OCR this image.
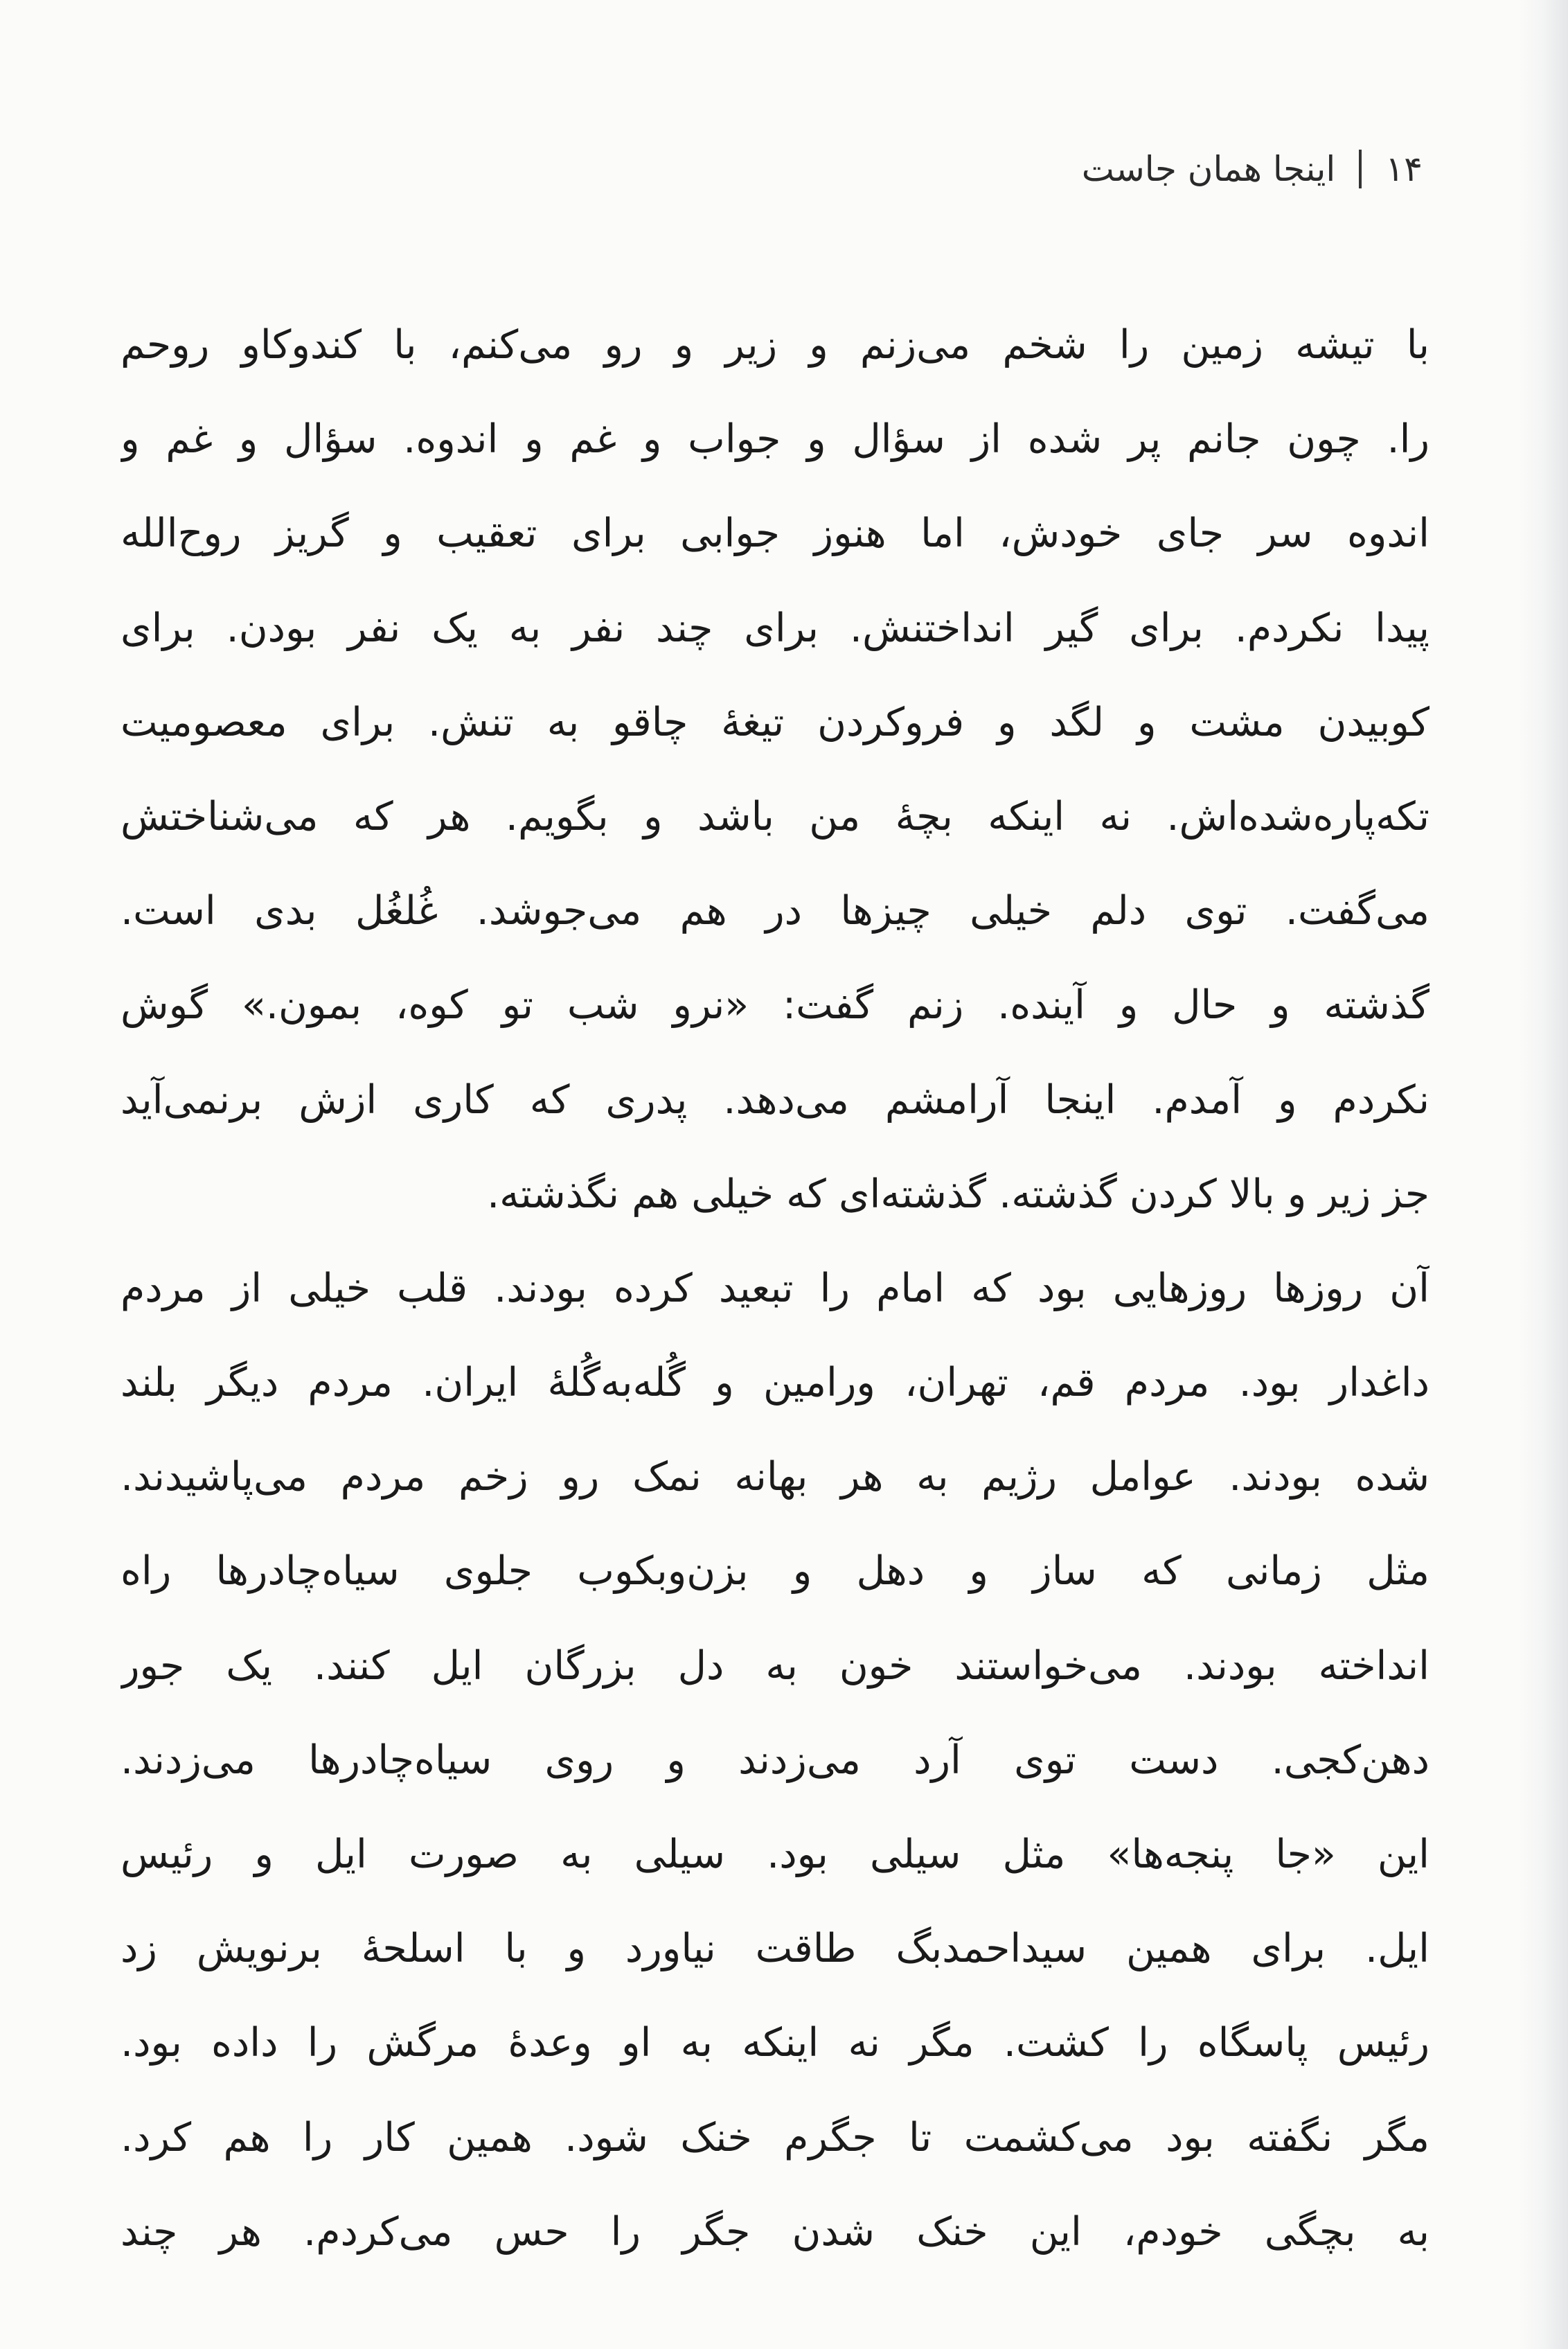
۱۴
اینجا همان جاست
با تیشه زمین را شخم می‌زنم و زیر و رو می‌کنم، با کندوکاو روحم
را. چون جانم پر شده از سؤال و جواب و غم و اندوه. سؤال و غم و
اندوه سر جای خودش، اما هنوز جوابی برای تعقیب و گریز روح‌الله
پیدا نکردم. برای گیر انداختنش. برای چند نفر به یک نفر بودن. برای
کوبیدن مشت و لگد و فروکردن تیغهٔ چاقو به تنش. برای معصومیت
تکه‌پاره‌شده‌اش. نه اینکه بچهٔ من باشد و بگویم. هر که می‌شناختش
می‌گفت. توی دلم خیلی چیزها در هم می‌جوشد. غُلغُل بدی است.
گذشته و حال و آینده. زنم گفت: «نرو شب تو کوه، بمون.» گوش
نکردم و آمدم. اینجا آرامشم می‌دهد. پدری که کاری ازش برنمی‌آید
جز زیر و بالا کردن گذشته. گذشته‌ای که خیلی هم نگذشته.
آن روزها روزهایی بود که امام را تبعید کرده بودند. قلب خیلی از مردم
داغدار بود. مردم قم، تهران، ورامین و گُله‌به‌گُلهٔ ایران. مردم دیگر بلند
شده بودند. عوامل رژیم به هر بهانه نمک رو زخم مردم می‌پاشیدند.
مثل زمانی که ساز و دهل و بزن‌وبکوب جلوی سیاه‌چادرها راه
انداخته بودند. می‌خواستند خون به دل بزرگان ایل کنند. یک جور
دهن‌کجی. دست توی آرد می‌زدند و روی سیاه‌چادرها می‌زدند.
این «جا پنجه‌ها» مثل سیلی بود. سیلی به صورت ایل و رئیس
ایل. برای همین سیداحمدبگ طاقت نیاورد و با اسلحهٔ برنویش زد
رئیس پاسگاه را کشت. مگر نه اینکه به او وعدهٔ مرگش را داده بود.
مگر نگفته بود می‌کشمت تا جگرم خنک شود. همین کار را هم کرد.
به بچگی خودم، این خنک شدن جگر را حس می‌کردم. هر چند
